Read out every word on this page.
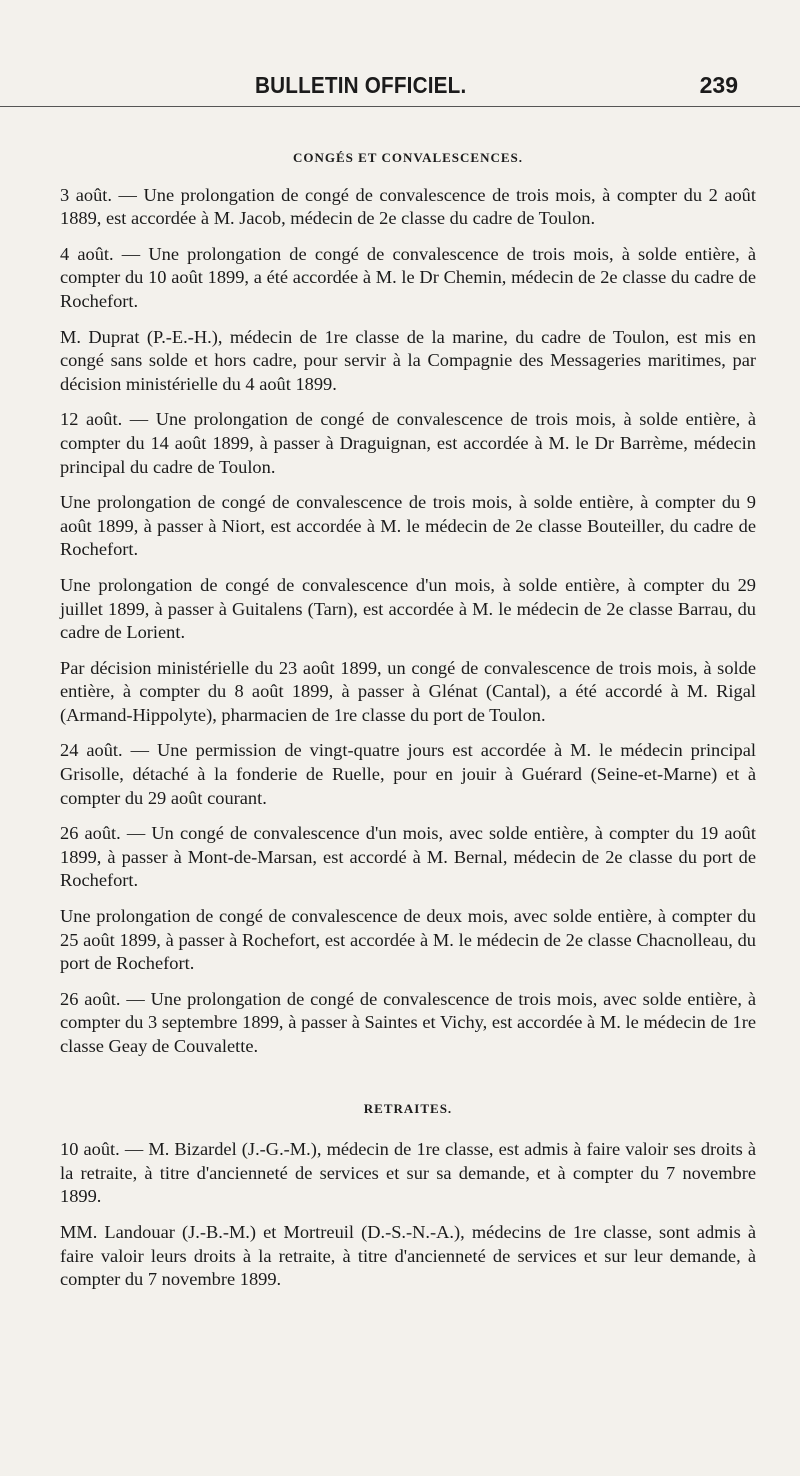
BULLETIN OFFICIEL.	239
CONGÉS ET CONVALESCENCES.

3 août. — Une prolongation de congé de convalescence de trois mois, à compter du 2 août 1889, est accordée à M. Jacob, médecin de 2e classe du cadre de Toulon.

4 août. — Une prolongation de congé de convalescence de trois mois, à solde entière, à compter du 10 août 1899, a été accordée à M. le Dr Chemin, médecin de 2e classe du cadre de Rochefort.

M. Duprat (P.-E.-H.), médecin de 1re classe de la marine, du cadre de Toulon, est mis en congé sans solde et hors cadre, pour servir à la Compagnie des Messageries maritimes, par décision ministérielle du 4 août 1899.

12 août. — Une prolongation de congé de convalescence de trois mois, à solde entière, à compter du 14 août 1899, à passer à Draguignan, est accordée à M. le Dr Barrème, médecin principal du cadre de Toulon.

Une prolongation de congé de convalescence de trois mois, à solde entière, à compter du 9 août 1899, à passer à Niort, est accordée à M. le médecin de 2e classe Bouteiller, du cadre de Rochefort.

Une prolongation de congé de convalescence d'un mois, à solde entière, à compter du 29 juillet 1899, à passer à Guitalens (Tarn), est accordée à M. le médecin de 2e classe Barrau, du cadre de Lorient.

Par décision ministérielle du 23 août 1899, un congé de convalescence de trois mois, à solde entière, à compter du 8 août 1899, à passer à Glénat (Cantal), a été accordé à M. Rigal (Armand-Hippolyte), pharmacien de 1re classe du port de Toulon.

24 août. — Une permission de vingt-quatre jours est accordée à M. le médecin principal Grisolle, détaché à la fonderie de Ruelle, pour en jouir à Guérard (Seine-et-Marne) et à compter du 29 août courant.

26 août. — Un congé de convalescence d'un mois, avec solde entière, à compter du 19 août 1899, à passer à Mont-de-Marsan, est accordé à M. Bernal, médecin de 2e classe du port de Rochefort.

Une prolongation de congé de convalescence de deux mois, avec solde entière, à compter du 25 août 1899, à passer à Rochefort, est accordée à M. le médecin de 2e classe Chacnolleau, du port de Rochefort.

26 août. — Une prolongation de congé de convalescence de trois mois, avec solde entière, à compter du 3 septembre 1899, à passer à Saintes et Vichy, est accordée à M. le médecin de 1re classe Geay de Couvalette.

RETRAITES.

10 août. — M. Bizardel (J.-G.-M.), médecin de 1re classe, est admis à faire valoir ses droits à la retraite, à titre d'ancienneté de services et sur sa demande, et à compter du 7 novembre 1899.

MM. Landouar (J.-B.-M.) et Mortreuil (D.-S.-N.-A.), médecins de 1re classe, sont admis à faire valoir leurs droits à la retraite, à titre d'ancienneté de services et sur leur demande, à compter du 7 novembre 1899.
